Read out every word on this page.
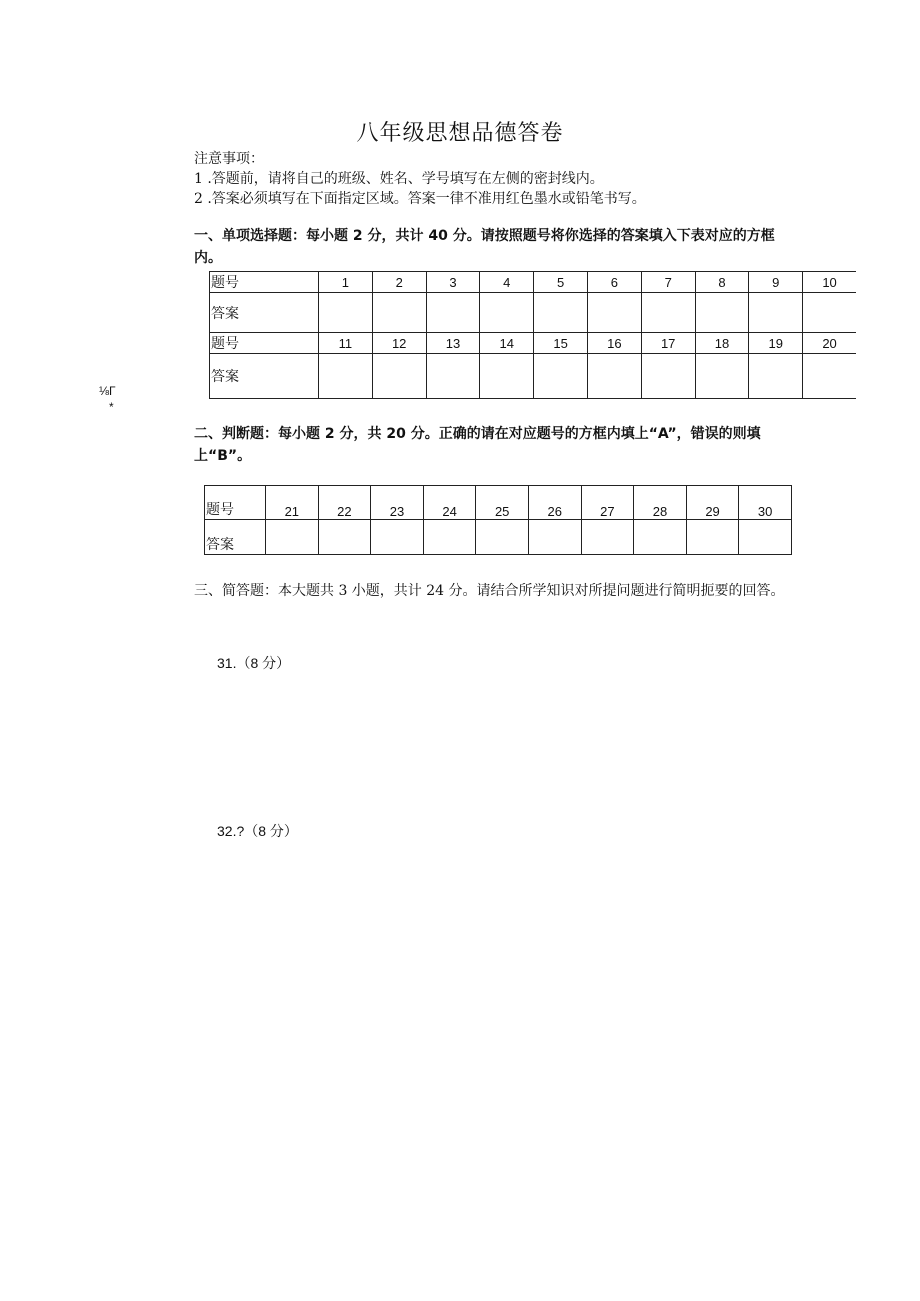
八年级思想品德答卷
注意事项：
1 .答题前，请将自己的班级、姓名、学号填写在左侧的密封线内。
2 .答案必须填写在下面指定区域。答案一律不准用红色墨水或铅笔书写。
一、单项选择题：每小题 2 分，共计 40 分。请按照题号将你选择的答案填入下表对应的方框内。
题号	1	2	3	4	5	6	7	8	9	10
答案										
题号	11	12	13	14	15	16	17	18	19	20
答案										
⅛Γ
*
二、判断题：每小题 2 分，共 20 分。正确的请在对应题号的方框内填上“A”，错误的则填上“B”。
题号	21	22	23	24	25	26	27	28	29	30
答案										
三、简答题：本大题共 3 小题，共计 24 分。请结合所学知识对所提问题进行简明扼要的回答。
31.（8 分）
32.?（8 分）
